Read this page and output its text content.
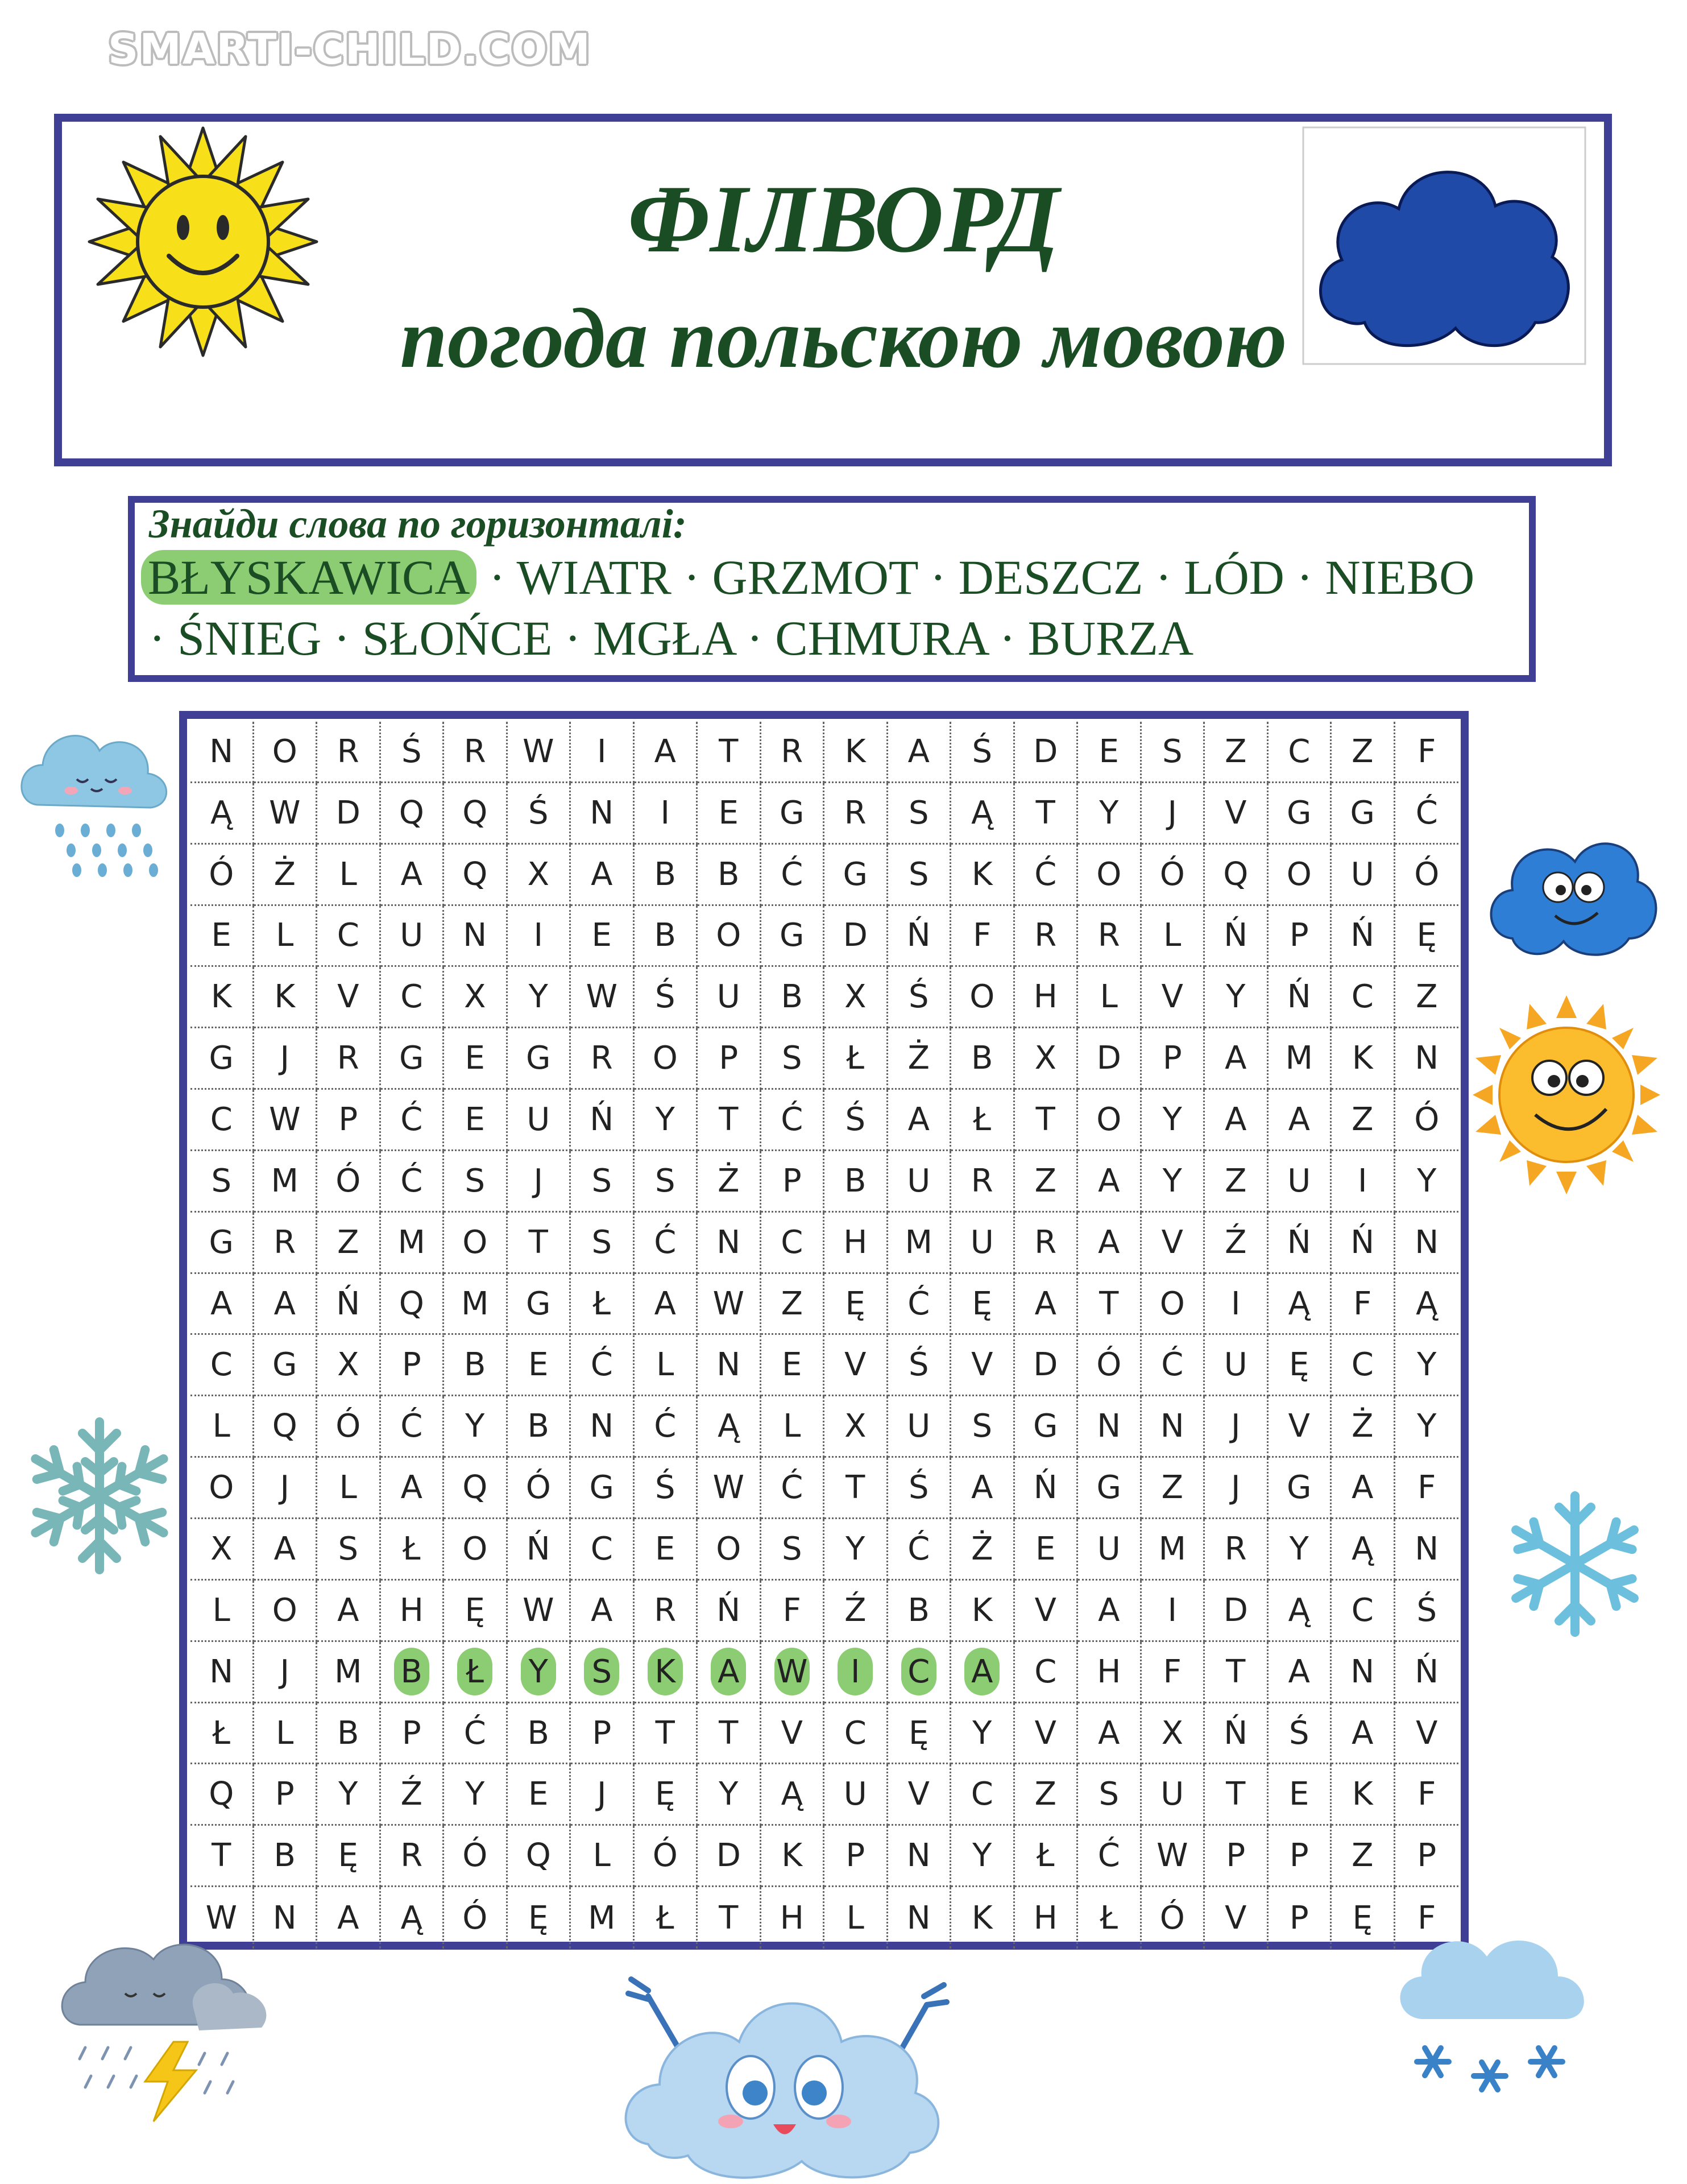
SMARTI-CHILD.COM
ФІЛВОРД
погода польскою мовою
Знайди слова по горизонталі:
BŁYSKAWICA · WIATR · GRZMOT · DESZCZ · LÓD · NIEBO
· ŚNIEG · SŁOŃCE · MGŁA · CHMURA · BURZA
N O R Ś R W I A T R K A Ś D E S Z C Z F
Ą W D Q Q Ś N I E G R S Ą T Y J V G G Ć
Ó Ż L A Q X A B B Ć G S K Ć O Ó Q O U Ó
E L C U N I E B O G D Ń F R R L Ń P Ń Ę
K K V C X Y W Ś U B X Ś O H L V Y Ń C Z
G J R G E G R O P S Ł Ż B X D P A M K N
C W P Ć E U Ń Y T Ć Ś A Ł T O Y A A Z Ó
S M Ó Ć S J S S Ż P B U R Z A Y Z U I Y
G R Z M O T S Ć N C H M U R A V Ź Ń Ń N
A A Ń Q M G Ł A W Z Ę Ć Ę A T O I Ą F Ą
C G X P B E Ć L N E V Ś V D Ó Ć U Ę C Y
L Q Ó Ć Y B N Ć Ą L X U S G N N J V Ż Y
O J L A Q Ó G Ś W Ć T Ś A Ń G Z J G A F
X A S Ł O Ń C E O S Y Ć Ż E U M R Y Ą N
L O A H Ę W A R Ń F Ź B K V A I D Ą C Ś
N J M B Ł Y S K A W	I	C A C H F T A N Ń
Ł L B P Ć B P T T V C Ę Y V A X Ń Ś A V
Q P Y Ź Y E J Ę Y Ą U V C Z S U T E K F
T B Ę R Ó Q L Ó D K P N Y Ł Ć W P P Z P
W N A Ą Ó Ę M Ł T H L N K H Ł Ó V P Ę F
